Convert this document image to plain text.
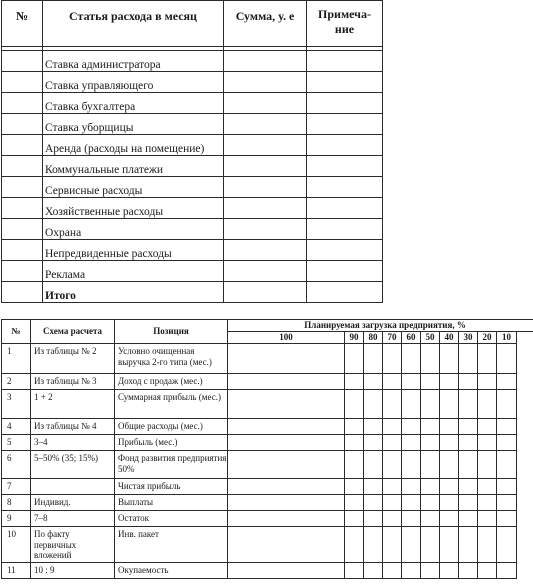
№	Статья расхода в месяц	Сумма, у. е	Примеча-
ние

	Ставка администратора		
	Ставка управляющего		
	Ставка бухгалтера		
	Ставка уборщицы		
	Аренда (расходы на помещение)		
	Коммунальные платежи		
	Сервисные расходы		
	Хозяйственные расходы		
	Охрана		
	Непредвиденные расходы		
	Реклама		
	Итого		
№	Схема расчета	Позиция	Планируемая загрузка предприятия, %									
			100	90	80	70	60	50	40	30	20	10
1	Из таблицы № 2	Условно очищенная выручка 2-го типа (мес.)										
2	Из таблицы № 3	Доход с продаж (мес.)										
3	1 + 2	Суммарная прибыль (мес.)										
4	Из таблицы № 4	Общие расходы (мес.)										
5	3–4	Прибыль (мес.)										
6	5–50% (35; 15%)	Фонд развития предприятия 50%										
7		Чистая прибыль										
8	Индивид.	Выплаты										
9	7–8	Остаток										
10	По факту первичных вложений	Инв. пакет										
11	10 : 9	Окупаемость										
